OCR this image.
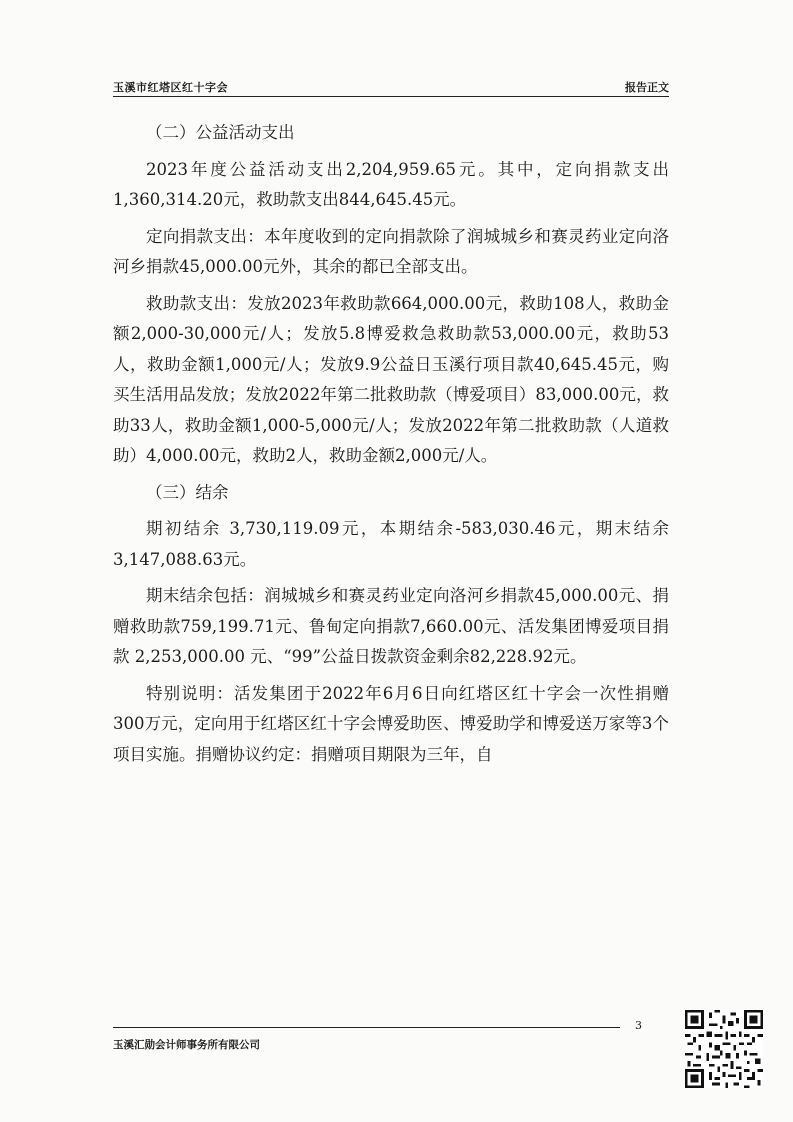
玉溪市红塔区红十字会	报告正文

（二）公益活动支出

2023年度公益活动支出2,204,959.65元。其中，定向捐款支出1,360,314.20元，救助款支出844,645.45元。

定向捐款支出：本年度收到的定向捐款除了润城城乡和赛灵药业定向洛河乡捐款45,000.00元外，其余的都已全部支出。

救助款支出：发放2023年救助款664,000.00元，救助108人，救助金额2,000-30,000元/人；发放5.8博爱救急救助款53,000.00元，救助53人，救助金额1,000元/人；发放9.9公益日玉溪行项目款40,645.45元，购买生活用品发放；发放2022年第二批救助款（博爱项目）83,000.00元，救助33人，救助金额1,000-5,000元/人；发放2022年第二批救助款（人道救助）4,000.00元，救助2人，救助金额2,000元/人。

（三）结余

期初结余 3,730,119.09元，本期结余-583,030.46元，期末结余3,147,088.63元。

期末结余包括：润城城乡和赛灵药业定向洛河乡捐款45,000.00元、捐赠救助款759,199.71元、鲁甸定向捐款7,660.00元、活发集团博爱项目捐款 2,253,000.00 元、“99”公益日拨款资金剩余82,228.92元。

特别说明：活发集团于2022年6月6日向红塔区红十字会一次性捐赠300万元，定向用于红塔区红十字会博爱助医、博爱助学和博爱送万家等3个项目实施。捐赠协议约定：捐赠项目期限为三年，自

3
玉溪汇勋会计师事务所有限公司
